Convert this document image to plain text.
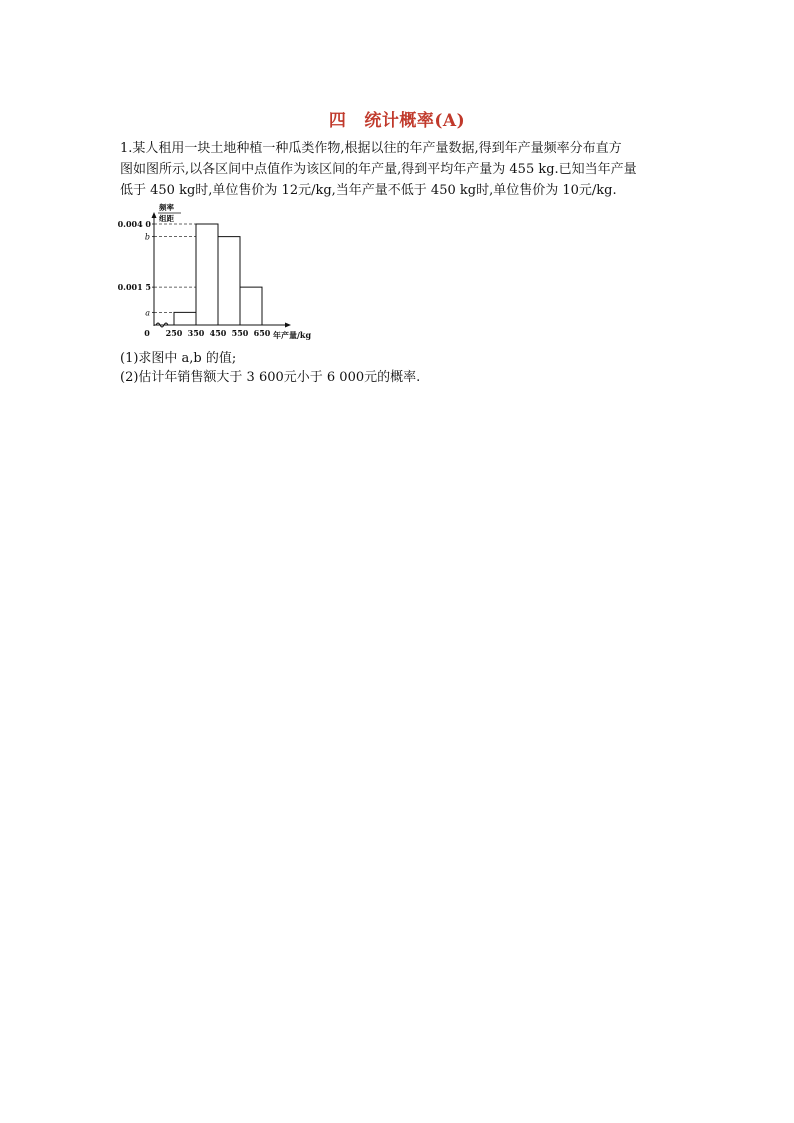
四 统计概率(A)

1.某人租用一块土地种植一种瓜类作物,根据以往的年产量数据,得到年产量频率分布直方

图如图所示,以各区间中点值作为该区间的年产量,得到平均年产量为 455 kg.已知当年产量

低于 450 kg时,单位售价为 12元/kg,当年产量不低于 450 kg时,单位售价为 10元/kg.

0.004 0
b
0.001 5
a
250 350 450 550 650
0	年产量/kg
频率
组距
(1)求图中 a,b 的值;
(2)估计年销售额大于 3 600元小于 6 000元的概率.
